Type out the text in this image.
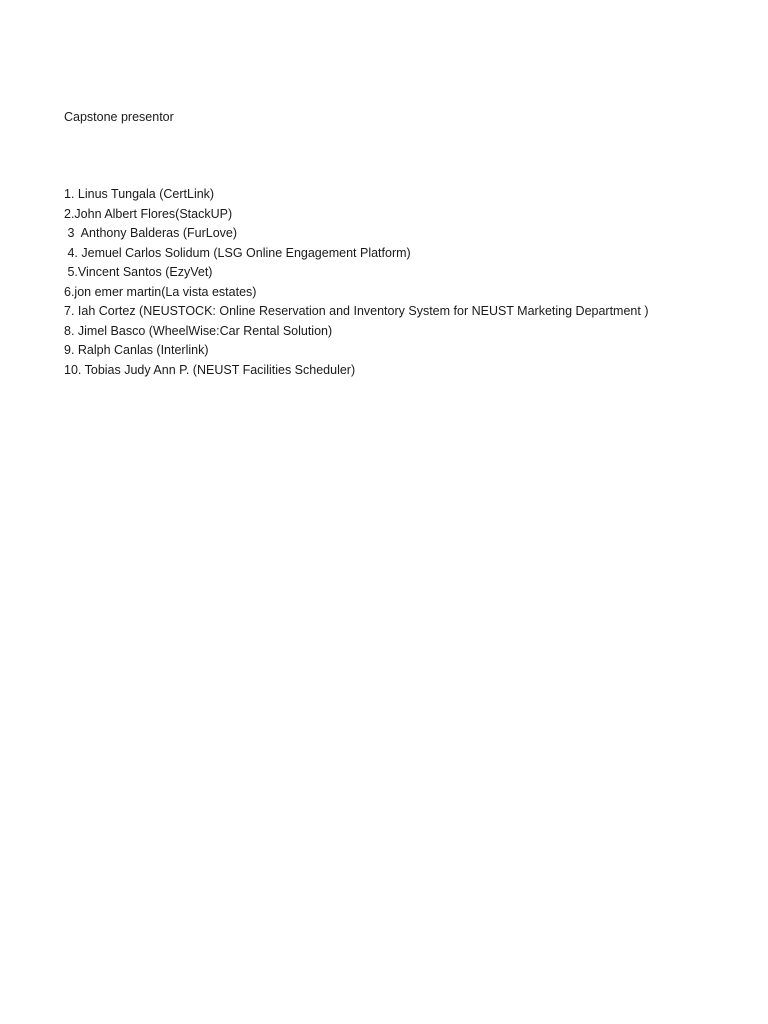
Capstone presentor
1. Linus Tungala (CertLink)
2.John Albert Flores(StackUP)
3  Anthony Balderas (FurLove)
4. Jemuel Carlos Solidum (LSG Online Engagement Platform)
5.Vincent Santos (EzyVet)
6.jon emer martin(La vista estates)
7. Iah Cortez (NEUSTOCK: Online Reservation and Inventory System for NEUST Marketing Department )
8. Jimel Basco (WheelWise:Car Rental Solution)
9. Ralph Canlas (Interlink)
10. Tobias Judy Ann P. (NEUST Facilities Scheduler)
